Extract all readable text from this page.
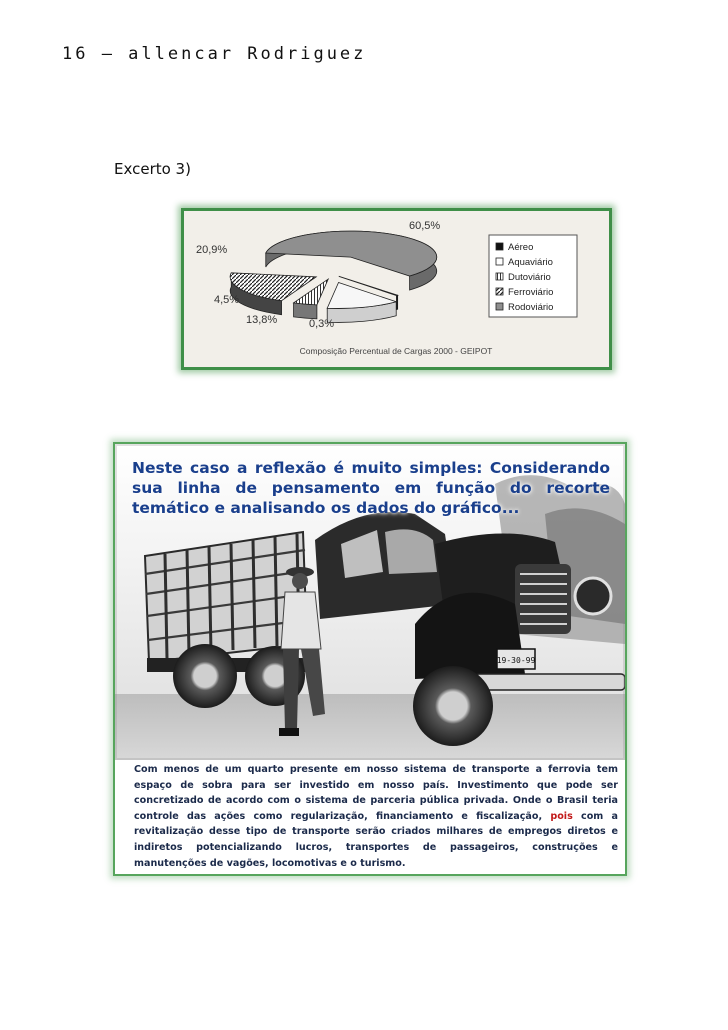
16 – allencar Rodriguez
Excerto 3)
0,3%
13,8%
4,5%
20,9%
60,5%
Aéreo
Aquaviário
Dutoviário
Ferroviário
Rodoviário
Composição Percentual de Cargas 2000 - GEIPOT
19-30-99
Neste caso a reflexão é muito simples: Considerando sua linha de pensamento em função do recorte temático e analisando os dados do gráfico...
Com menos de um quarto presente em nosso sistema de transporte a ferrovia tem espaço de sobra para ser investido em nosso país. Investimento que pode ser concretizado de acordo com o sistema de parceria pública privada. Onde o Brasil teria controle das ações como regularização, financiamento e fiscalização, pois com a revitalização desse tipo de transporte serão criados milhares de empregos diretos e indiretos potencializando lucros, transportes de passageiros, construções e manutenções de vagões, locomotivas e o turismo.
